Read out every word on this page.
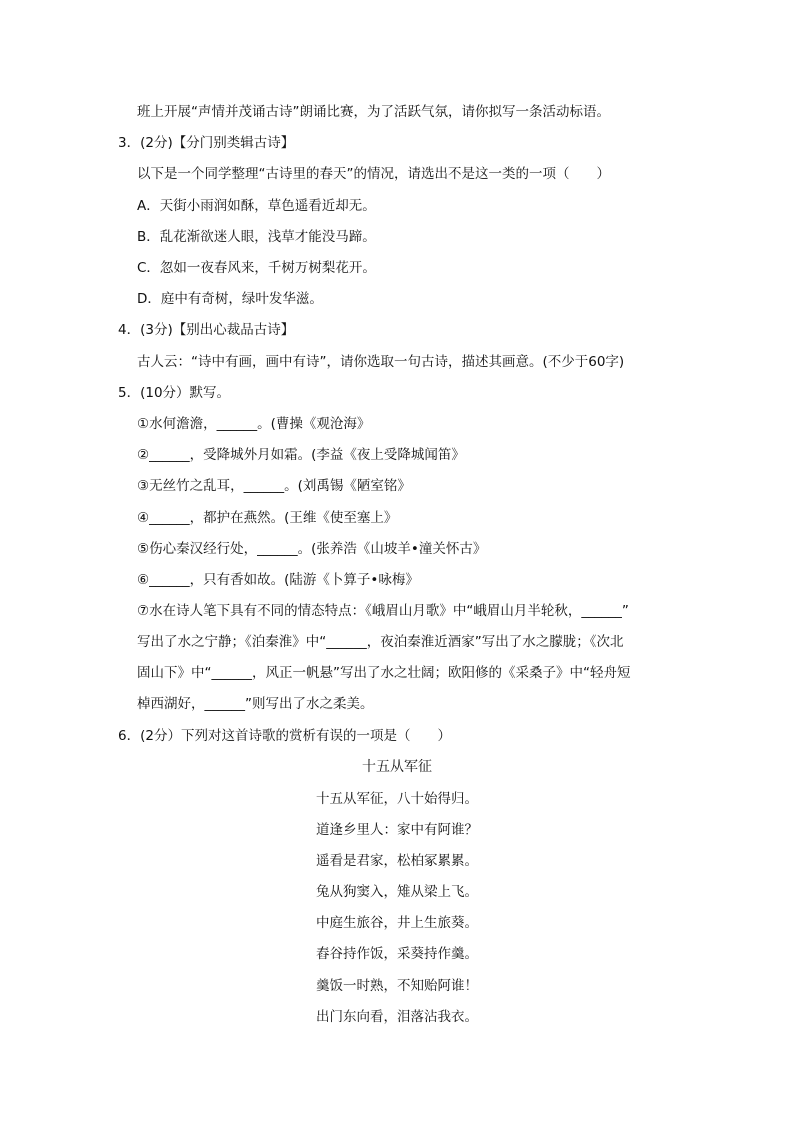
班上开展“声情并茂诵古诗”朗诵比赛，为了活跃气氛，请你拟写一条活动标语。
3．(2分)【分门别类辑古诗】
以下是一个同学整理“古诗里的春天”的情况，请选出不是这一类的一项（　　）
A．天街小雨润如酥，草色遥看近却无。
B．乱花渐欲迷人眼，浅草才能没马蹄。
C．忽如一夜春风来，千树万树梨花开。
D．庭中有奇树，绿叶发华滋。
4．(3分)【别出心裁品古诗】
古人云：“诗中有画，画中有诗”，请你选取一句古诗，描述其画意。(不少于60字)
5．(10分）默写。
①水何澹澹，______。(曹操《观沧海》
②______，受降城外月如霜。(李益《夜上受降城闻笛》
③无丝竹之乱耳，______。(刘禹锡《陋室铭》
④______，都护在燕然。(王维《使至塞上》
⑤伤心秦汉经行处，______。(张养浩《山坡羊•潼关怀古》
⑥______，只有香如故。(陆游《卜算子•咏梅》
⑦水在诗人笔下具有不同的情态特点：《峨眉山月歌》中“峨眉山月半轮秋，______”
写出了水之宁静；《泊秦淮》中“______，夜泊秦淮近酒家”写出了水之朦胧；《次北
固山下》中“______，风正一帆悬”写出了水之壮阔；欧阳修的《采桑子》中“轻舟短
棹西湖好，______”则写出了水之柔美。
6．(2分）下列对这首诗歌的赏析有误的一项是（　　）
十五从军征
十五从军征，八十始得归。
道逢乡里人：家中有阿谁？
遥看是君家，松柏冢累累。
兔从狗窦入，雉从梁上飞。
中庭生旅谷，井上生旅葵。
舂谷持作饭，采葵持作羹。
羹饭一时熟，不知贻阿谁！
出门东向看，泪落沾我衣。
